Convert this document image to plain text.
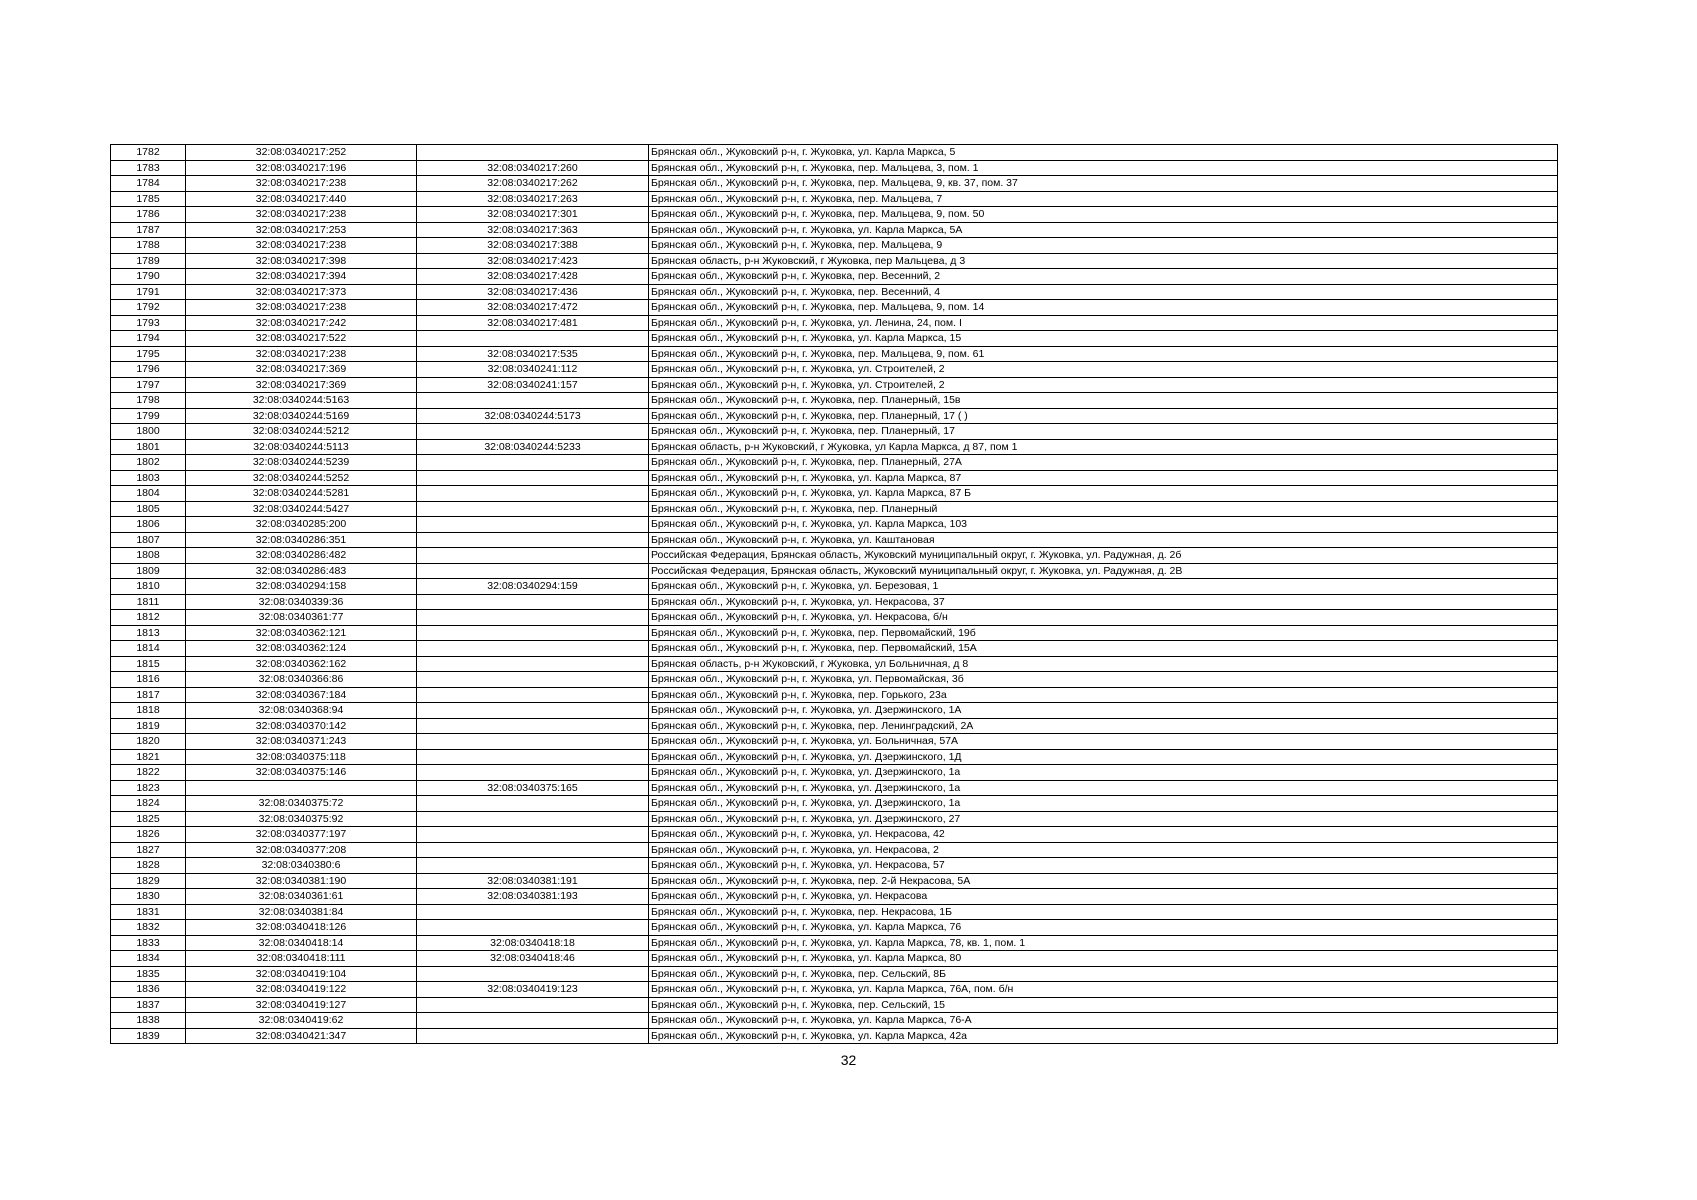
1782	32:08:0340217:252		Брянская обл., Жуковский р-н, г. Жуковка, ул. Карла Маркса, 5
1783	32:08:0340217:196	32:08:0340217:260	Брянская обл., Жуковский р-н, г. Жуковка, пер. Мальцева, 3, пом. 1
1784	32:08:0340217:238	32:08:0340217:262	Брянская обл., Жуковский р-н, г. Жуковка, пер. Мальцева, 9, кв. 37, пом. 37
1785	32:08:0340217:440	32:08:0340217:263	Брянская обл., Жуковский р-н, г. Жуковка, пер. Мальцева, 7
1786	32:08:0340217:238	32:08:0340217:301	Брянская обл., Жуковский р-н, г. Жуковка, пер. Мальцева, 9, пом. 50
1787	32:08:0340217:253	32:08:0340217:363	Брянская обл., Жуковский р-н, г. Жуковка, ул. Карла Маркса, 5А
1788	32:08:0340217:238	32:08:0340217:388	Брянская обл., Жуковский р-н, г. Жуковка, пер. Мальцева, 9
1789	32:08:0340217:398	32:08:0340217:423	Брянская область, р-н Жуковский, г Жуковка, пер Мальцева, д 3
1790	32:08:0340217:394	32:08:0340217:428	Брянская обл., Жуковский р-н, г. Жуковка, пер. Весенний, 2
1791	32:08:0340217:373	32:08:0340217:436	Брянская обл., Жуковский р-н, г. Жуковка, пер. Весенний, 4
1792	32:08:0340217:238	32:08:0340217:472	Брянская обл., Жуковский р-н, г. Жуковка, пер. Мальцева, 9, пом. 14
1793	32:08:0340217:242	32:08:0340217:481	Брянская обл., Жуковский р-н, г. Жуковка, ул. Ленина, 24, пом. I
1794	32:08:0340217:522		Брянская обл., Жуковский р-н, г. Жуковка, ул. Карла Маркса, 15
1795	32:08:0340217:238	32:08:0340217:535	Брянская обл., Жуковский р-н, г. Жуковка, пер. Мальцева, 9, пом. 61
1796	32:08:0340217:369	32:08:0340241:112	Брянская обл., Жуковский р-н, г. Жуковка, ул. Строителей, 2
1797	32:08:0340217:369	32:08:0340241:157	Брянская обл., Жуковский р-н, г. Жуковка, ул. Строителей, 2
1798	32:08:0340244:5163		Брянская обл., Жуковский р-н, г. Жуковка, пер. Планерный, 15в
1799	32:08:0340244:5169	32:08:0340244:5173	Брянская обл., Жуковский р-н, г. Жуковка, пер. Планерный, 17 ( )
1800	32:08:0340244:5212		Брянская обл., Жуковский р-н, г. Жуковка, пер. Планерный, 17
1801	32:08:0340244:5113	32:08:0340244:5233	Брянская область, р-н Жуковский, г Жуковка, ул Карла Маркса, д 87, пом 1
1802	32:08:0340244:5239		Брянская обл., Жуковский р-н, г. Жуковка, пер. Планерный, 27А
1803	32:08:0340244:5252		Брянская обл., Жуковский р-н, г. Жуковка, ул. Карла Маркса, 87
1804	32:08:0340244:5281		Брянская обл., Жуковский р-н, г. Жуковка, ул. Карла Маркса, 87 Б
1805	32:08:0340244:5427		Брянская обл., Жуковский р-н, г. Жуковка, пер. Планерный
1806	32:08:0340285:200		Брянская обл., Жуковский р-н, г. Жуковка, ул. Карла Маркса, 103
1807	32:08:0340286:351		Брянская обл., Жуковский р-н, г. Жуковка, ул. Каштановая
1808	32:08:0340286:482		Российская Федерация, Брянская область, Жуковский муниципальный округ, г. Жуковка, ул. Радужная, д. 2б
1809	32:08:0340286:483		Российская Федерация, Брянская область, Жуковский муниципальный округ, г. Жуковка, ул. Радужная, д. 2В
1810	32:08:0340294:158	32:08:0340294:159	Брянская обл., Жуковский р-н, г. Жуковка, ул. Березовая, 1
1811	32:08:0340339:36		Брянская обл., Жуковский р-н, г. Жуковка, ул. Некрасова, 37
1812	32:08:0340361:77		Брянская обл., Жуковский р-н, г. Жуковка, ул. Некрасова, б/н
1813	32:08:0340362:121		Брянская обл., Жуковский р-н, г. Жуковка, пер. Первомайский, 19б
1814	32:08:0340362:124		Брянская обл., Жуковский р-н, г. Жуковка, пер. Первомайский, 15А
1815	32:08:0340362:162		Брянская область, р-н Жуковский, г Жуковка, ул Больничная, д 8
1816	32:08:0340366:86		Брянская обл., Жуковский р-н, г. Жуковка, ул. Первомайская, 3б
1817	32:08:0340367:184		Брянская обл., Жуковский р-н, г. Жуковка, пер. Горького, 23а
1818	32:08:0340368:94		Брянская обл., Жуковский р-н, г. Жуковка, ул. Дзержинского, 1А
1819	32:08:0340370:142		Брянская обл., Жуковский р-н, г. Жуковка, пер. Ленинградский, 2А
1820	32:08:0340371:243		Брянская обл., Жуковский р-н, г. Жуковка, ул. Больничная, 57А
1821	32:08:0340375:118		Брянская обл., Жуковский р-н, г. Жуковка, ул. Дзержинского, 1Д
1822	32:08:0340375:146		Брянская обл., Жуковский р-н, г. Жуковка, ул. Дзержинского, 1а
1823		32:08:0340375:165	Брянская обл., Жуковский р-н, г. Жуковка, ул. Дзержинского, 1а
1824	32:08:0340375:72		Брянская обл., Жуковский р-н, г. Жуковка, ул. Дзержинского, 1а
1825	32:08:0340375:92		Брянская обл., Жуковский р-н, г. Жуковка, ул. Дзержинского, 27
1826	32:08:0340377:197		Брянская обл., Жуковский р-н, г. Жуковка, ул. Некрасова, 42
1827	32:08:0340377:208		Брянская обл., Жуковский р-н, г. Жуковка, ул. Некрасова, 2
1828	32:08:0340380:6		Брянская обл., Жуковский р-н, г. Жуковка, ул. Некрасова, 57
1829	32:08:0340381:190	32:08:0340381:191	Брянская обл., Жуковский р-н, г. Жуковка, пер. 2-й Некрасова, 5А
1830	32:08:0340361:61	32:08:0340381:193	Брянская обл., Жуковский р-н, г. Жуковка, ул. Некрасова
1831	32:08:0340381:84		Брянская обл., Жуковский р-н, г. Жуковка, пер. Некрасова, 1Б
1832	32:08:0340418:126		Брянская обл., Жуковский р-н, г. Жуковка, ул. Карла Маркса, 76
1833	32:08:0340418:14	32:08:0340418:18	Брянская обл., Жуковский р-н, г. Жуковка, ул. Карла Маркса, 78, кв. 1, пом. 1
1834	32:08:0340418:111	32:08:0340418:46	Брянская обл., Жуковский р-н, г. Жуковка, ул. Карла Маркса, 80
1835	32:08:0340419:104		Брянская обл., Жуковский р-н, г. Жуковка, пер. Сельский, 8Б
1836	32:08:0340419:122	32:08:0340419:123	Брянская обл., Жуковский р-н, г. Жуковка, ул. Карла Маркса, 76А, пом. б/н
1837	32:08:0340419:127		Брянская обл., Жуковский р-н, г. Жуковка, пер. Сельский, 15
1838	32:08:0340419:62		Брянская обл., Жуковский р-н, г. Жуковка, ул. Карла Маркса, 76-А
1839	32:08:0340421:347		Брянская обл., Жуковский р-н, г. Жуковка, ул. Карла Маркса, 42а
32
